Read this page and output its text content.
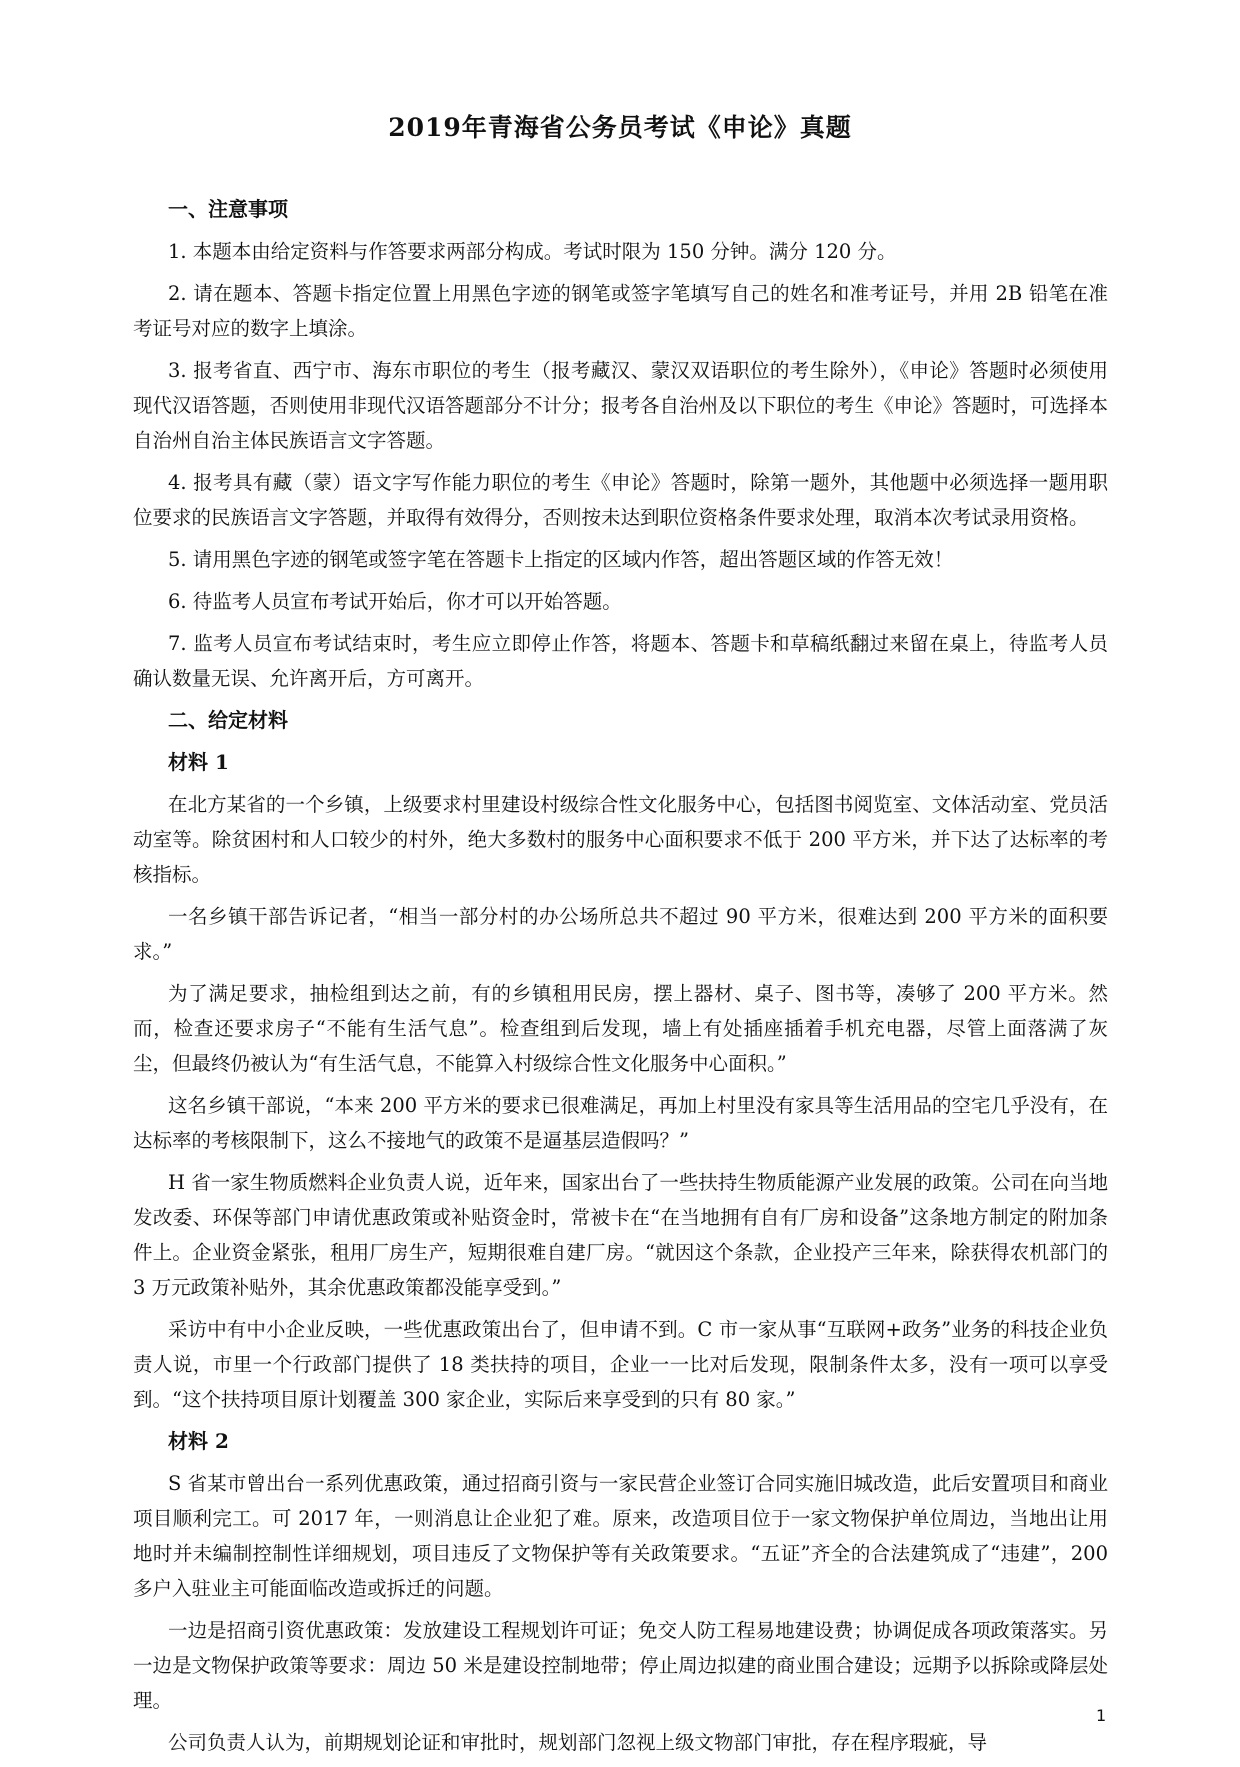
2019年青海省公务员考试《申论》真题
一、注意事项
1. 本题本由给定资料与作答要求两部分构成。考试时限为 150 分钟。满分 120 分。
2. 请在题本、答题卡指定位置上用黑色字迹的钢笔或签字笔填写自己的姓名和准考证号，并用 2B 铅笔在准考证号对应的数字上填涂。
3. 报考省直、西宁市、海东市职位的考生（报考藏汉、蒙汉双语职位的考生除外），《申论》答题时必须使用现代汉语答题，否则使用非现代汉语答题部分不计分；报考各自治州及以下职位的考生《申论》答题时，可选择本自治州自治主体民族语言文字答题。
4. 报考具有藏（蒙）语文字写作能力职位的考生《申论》答题时，除第一题外，其他题中必须选择一题用职位要求的民族语言文字答题，并取得有效得分，否则按未达到职位资格条件要求处理，取消本次考试录用资格。
5. 请用黑色字迹的钢笔或签字笔在答题卡上指定的区域内作答，超出答题区域的作答无效！
6. 待监考人员宣布考试开始后，你才可以开始答题。
7. 监考人员宣布考试结束时，考生应立即停止作答，将题本、答题卡和草稿纸翻过来留在桌上，待监考人员确认数量无误、允许离开后，方可离开。
二、给定材料
材料 1
在北方某省的一个乡镇，上级要求村里建设村级综合性文化服务中心，包括图书阅览室、文体活动室、党员活动室等。除贫困村和人口较少的村外，绝大多数村的服务中心面积要求不低于 200 平方米，并下达了达标率的考核指标。
一名乡镇干部告诉记者，“相当一部分村的办公场所总共不超过 90 平方米，很难达到 200 平方米的面积要求。”
为了满足要求，抽检组到达之前，有的乡镇租用民房，摆上器材、桌子、图书等，凑够了 200 平方米。然而，检查还要求房子“不能有生活气息”。检查组到后发现，墙上有处插座插着手机充电器，尽管上面落满了灰尘，但最终仍被认为“有生活气息，不能算入村级综合性文化服务中心面积。”
这名乡镇干部说，“本来 200 平方米的要求已很难满足，再加上村里没有家具等生活用品的空宅几乎没有，在达标率的考核限制下，这么不接地气的政策不是逼基层造假吗？”
H 省一家生物质燃料企业负责人说，近年来，国家出台了一些扶持生物质能源产业发展的政策。公司在向当地发改委、环保等部门申请优惠政策或补贴资金时，常被卡在“在当地拥有自有厂房和设备”这条地方制定的附加条件上。企业资金紧张，租用厂房生产，短期很难自建厂房。“就因这个条款，企业投产三年来，除获得农机部门的 3 万元政策补贴外，其余优惠政策都没能享受到。”
采访中有中小企业反映，一些优惠政策出台了，但申请不到。C 市一家从事“互联网+政务”业务的科技企业负责人说，市里一个行政部门提供了 18 类扶持的项目，企业一一比对后发现，限制条件太多，没有一项可以享受到。“这个扶持项目原计划覆盖 300 家企业，实际后来享受到的只有 80 家。”
材料 2
S 省某市曾出台一系列优惠政策，通过招商引资与一家民营企业签订合同实施旧城改造，此后安置项目和商业项目顺利完工。可 2017 年，一则消息让企业犯了难。原来，改造项目位于一家文物保护单位周边，当地出让用地时并未编制控制性详细规划，项目违反了文物保护等有关政策要求。“五证”齐全的合法建筑成了“违建”，200 多户入驻业主可能面临改造或拆迁的问题。
一边是招商引资优惠政策：发放建设工程规划许可证；免交人防工程易地建设费；协调促成各项政策落实。另一边是文物保护政策等要求：周边 50 米是建设控制地带；停止周边拟建的商业围合建设；远期予以拆除或降层处理。
公司负责人认为，前期规划论证和审批时，规划部门忽视上级文物部门审批，存在程序瑕疵，导
1
